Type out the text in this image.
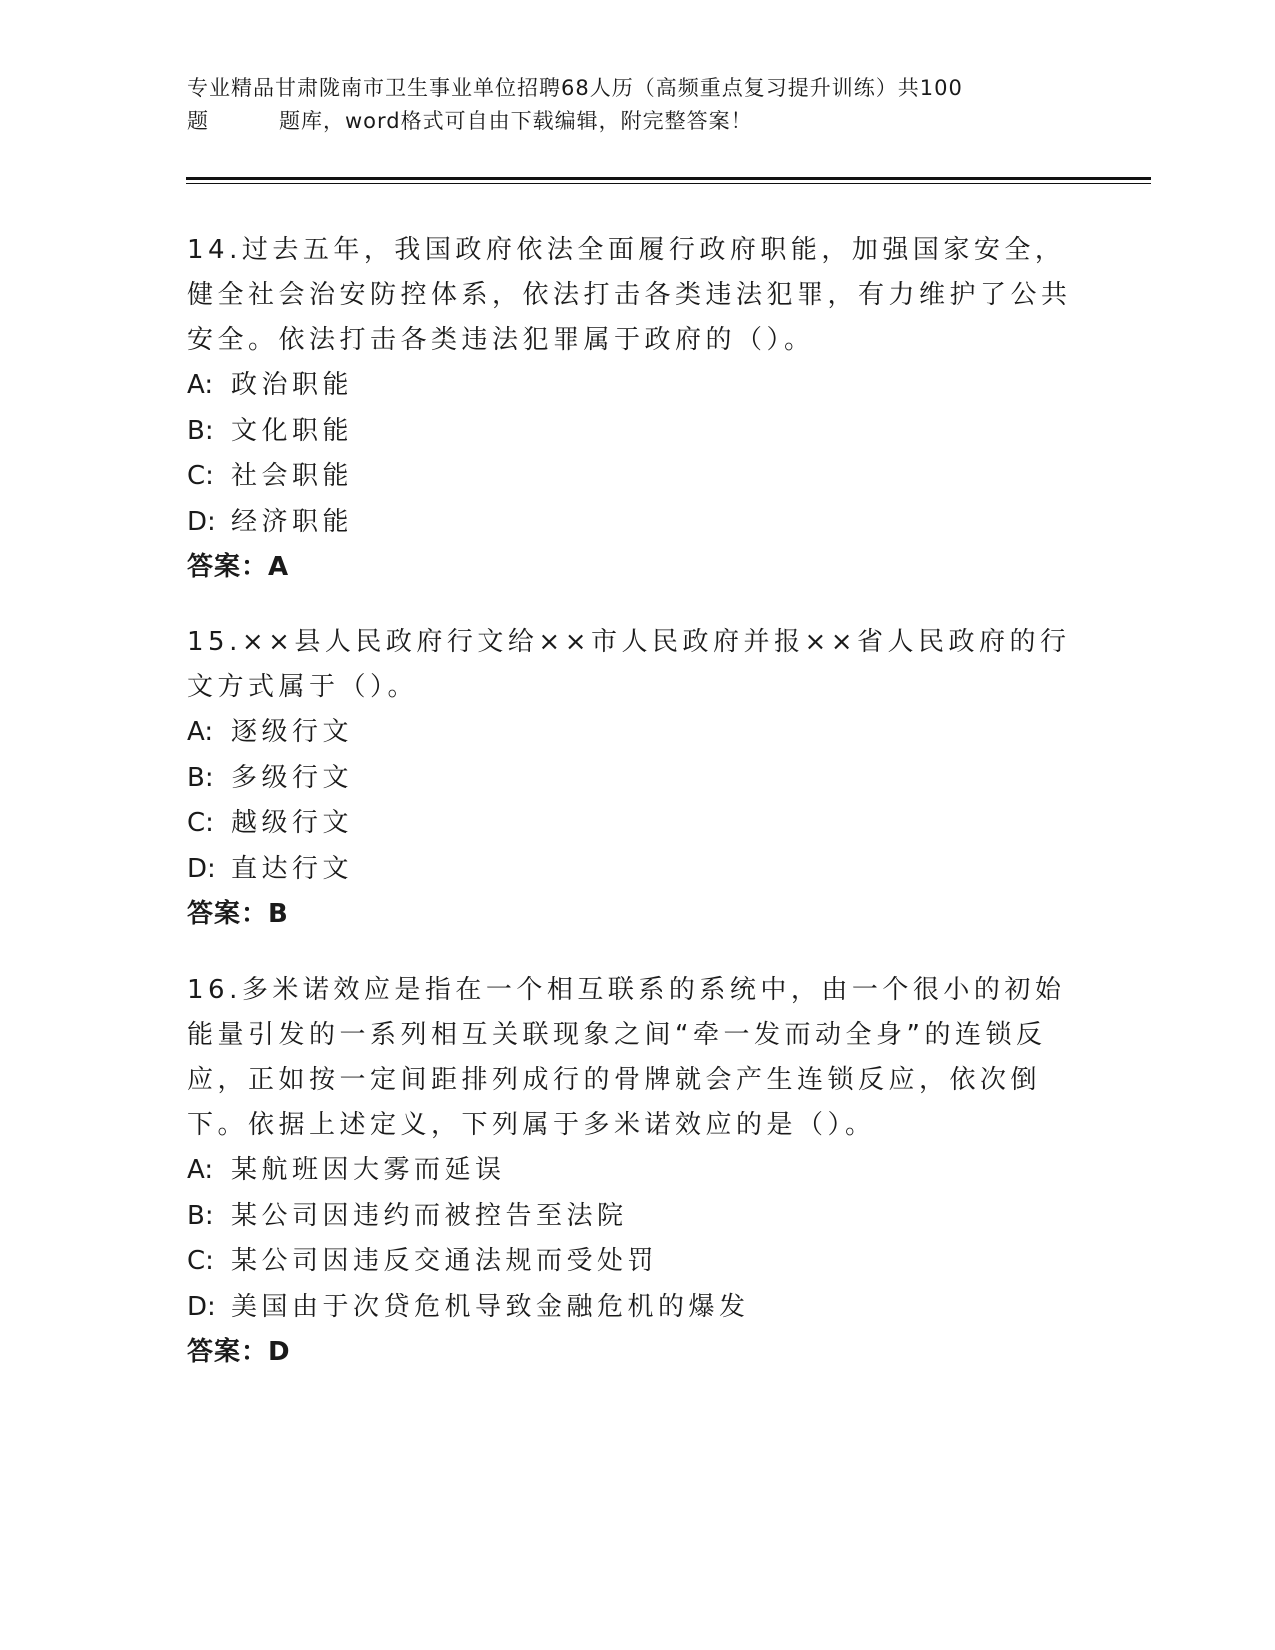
专业精品甘肃陇南市卫生事业单位招聘68人历（高频重点复习提升训练）共100
题	题库，word格式可自由下载编辑，附完整答案！
14.过去五年，我国政府依法全面履行政府职能，加强国家安全，健全社会治安防控体系，依法打击各类违法犯罪，有力维护了公共安全。依法打击各类违法犯罪属于政府的（）。
A: 政治职能
B: 文化职能
C: 社会职能
D: 经济职能
答案：A
15.××县人民政府行文给××市人民政府并报××省人民政府的行文方式属于（）。
A: 逐级行文
B: 多级行文
C: 越级行文
D: 直达行文
答案：B
16.多米诺效应是指在一个相互联系的系统中，由一个很小的初始能量引发的一系列相互关联现象之间“牵一发而动全身”的连锁反应，正如按一定间距排列成行的骨牌就会产生连锁反应，依次倒下。依据上述定义，下列属于多米诺效应的是（）。
A: 某航班因大雾而延误
B: 某公司因违约而被控告至法院
C: 某公司因违反交通法规而受处罚
D: 美国由于次贷危机导致金融危机的爆发
答案：D
